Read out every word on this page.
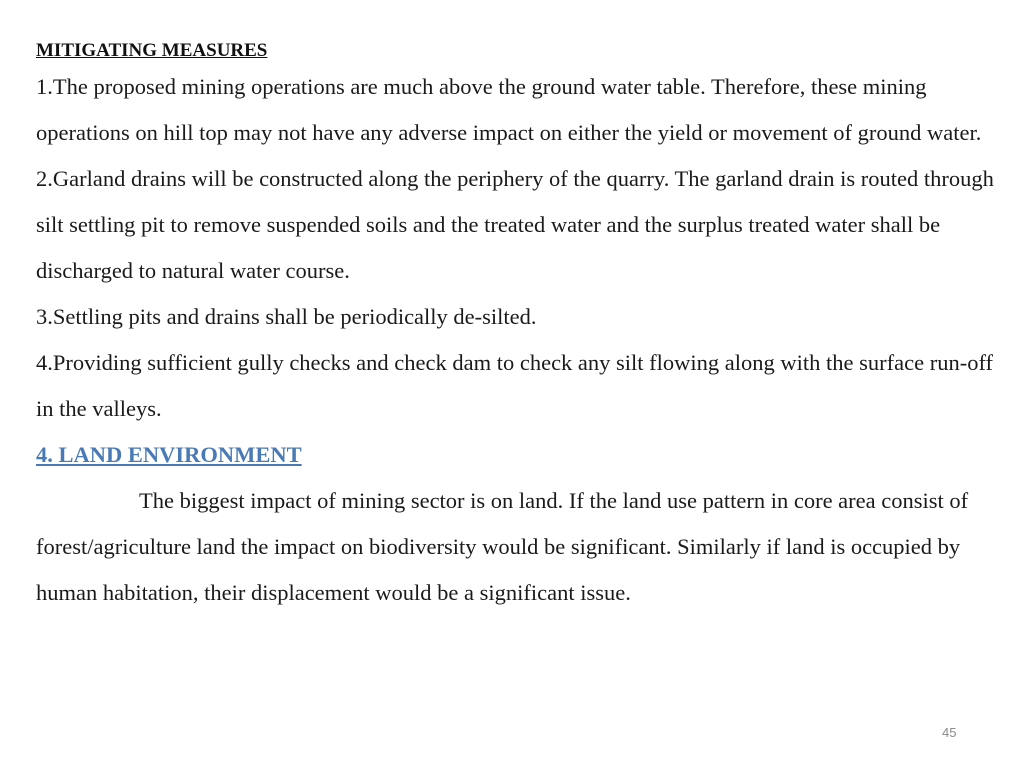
MITIGATING MEASURES

1.The proposed mining operations are much above the ground water table. Therefore, these mining operations on hill top may not have any adverse impact on either the yield or movement of ground water.

2.Garland drains will be constructed along the periphery of the quarry. The garland drain is routed through silt settling pit to remove suspended soils and the treated water and the surplus treated water shall be discharged to natural water course.

3.Settling pits and drains shall be periodically de-silted.

4.Providing sufficient gully checks and check dam to check any silt flowing along with the surface run-off in the valleys.

4. LAND ENVIRONMENT

The biggest impact of mining sector is on land. If the land use pattern in core area consist of forest/agriculture land the impact on biodiversity would be significant. Similarly if land is occupied by human habitation, their displacement would be a significant issue.

45
